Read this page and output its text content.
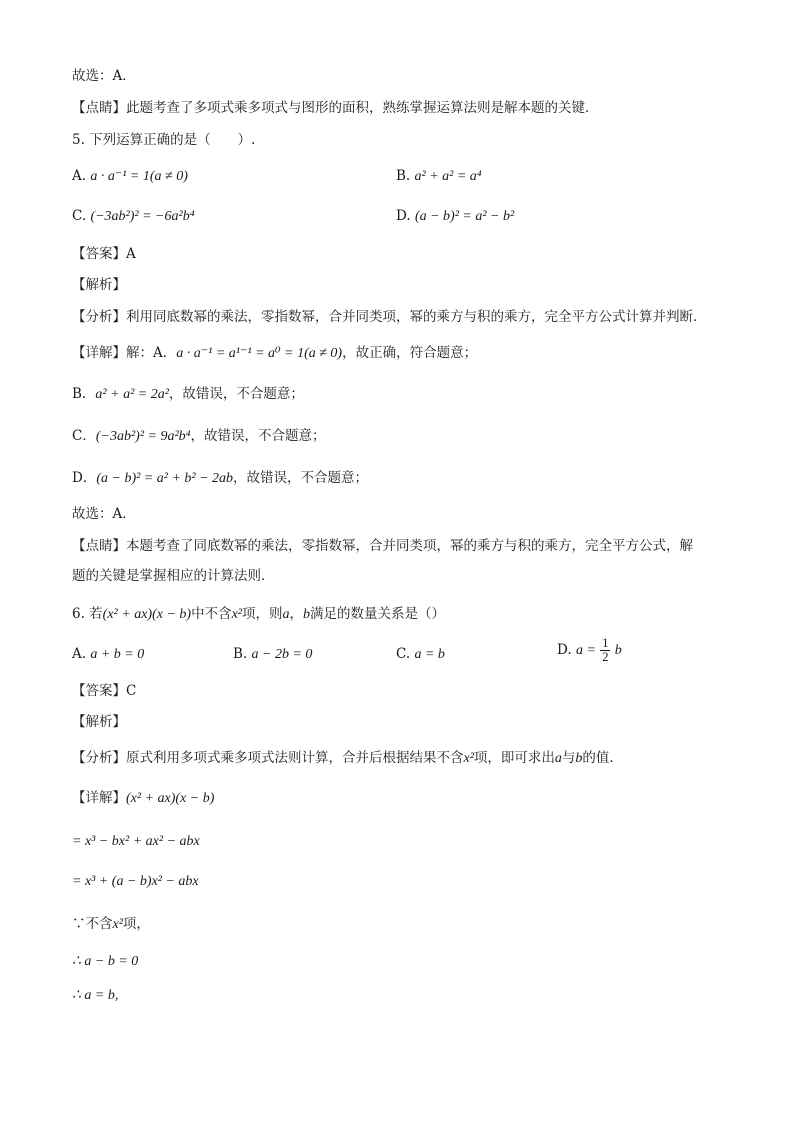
故选：A．
【点睛】此题考查了多项式乘多项式与图形的面积，熟练掌握运算法则是解本题的关键．
5. 下列运算正确的是（　　）.
A. a · a⁻¹ = 1(a ≠ 0)	B. a² + a² = a⁴
C. (−3ab²)² = −6a²b⁴	D. (a − b)² = a² − b²
【答案】A
【解析】
【分析】利用同底数幂的乘法，零指数幂，合并同类项，幂的乘方与积的乘方，完全平方公式计算并判断．
【详解】解：A．a · a⁻¹ = a¹⁻¹ = a⁰ = 1(a ≠ 0)，故正确，符合题意；
B．a² + a² = 2a²，故错误，不合题意；
C．(−3ab²)² = 9a²b⁴，故错误，不合题意；
D．(a − b)² = a² + b² − 2ab，故错误，不合题意；
故选：A．
【点睛】本题考查了同底数幂的乘法，零指数幂，合并同类项，幂的乘方与积的乘方，完全平方公式，解
题的关键是掌握相应的计算法则．
6. 若(x² + ax)(x − b)中不含x²项，则a，b满足的数量关系是（）
A. a + b = 0	B. a − 2b = 0	C. a = b	D. $a = \frac{1}{2}$ b
【答案】C
【解析】
【分析】原式利用多项式乘多项式法则计算，合并后根据结果不含x²项，即可求出a与b的值．
【详解】(x² + ax)(x − b)
= x³ − bx² + ax² − abx
= x³ + (a − b)x² − abx
∵不含x²项，
∴ a − b = 0
∴ a = b,
